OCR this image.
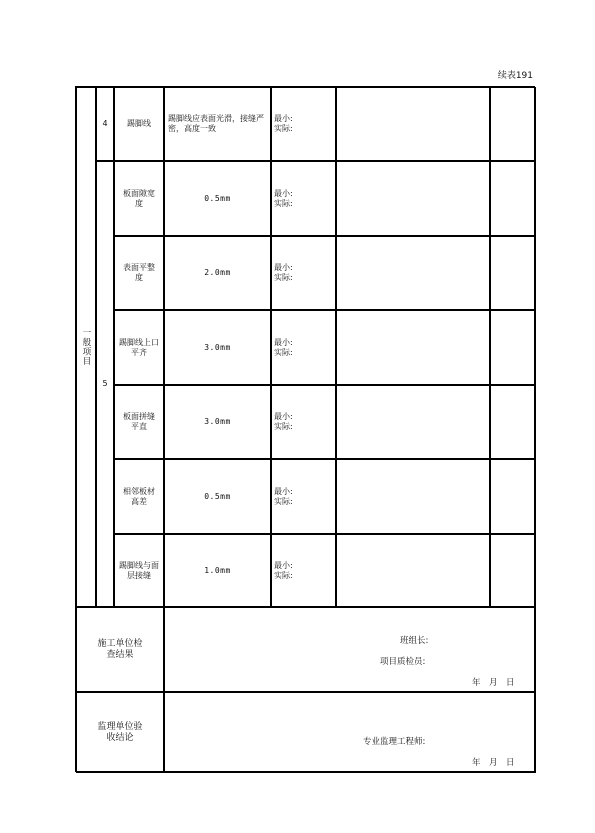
续表191
一般项目
4 踢脚线
踢脚线应表面光滑，接缝严密，高度一致
最小:
实际:
5
板面隙宽度
0.5mm
最小:
实际:
表面平整度
2.0mm
最小:
实际:
踢脚线上口平齐
3.0mm
最小:
实际:
板面拼缝平直
3.0mm
最小:
实际:
相邻板材高差
0.5mm
最小:
实际:
踢脚线与面层接缝
1.0mm
最小:
实际:
施工单位检查结果
班组长:
项目质检员:
年　月　日
监理单位验收结论	专业监理工程师:
年　月　日
